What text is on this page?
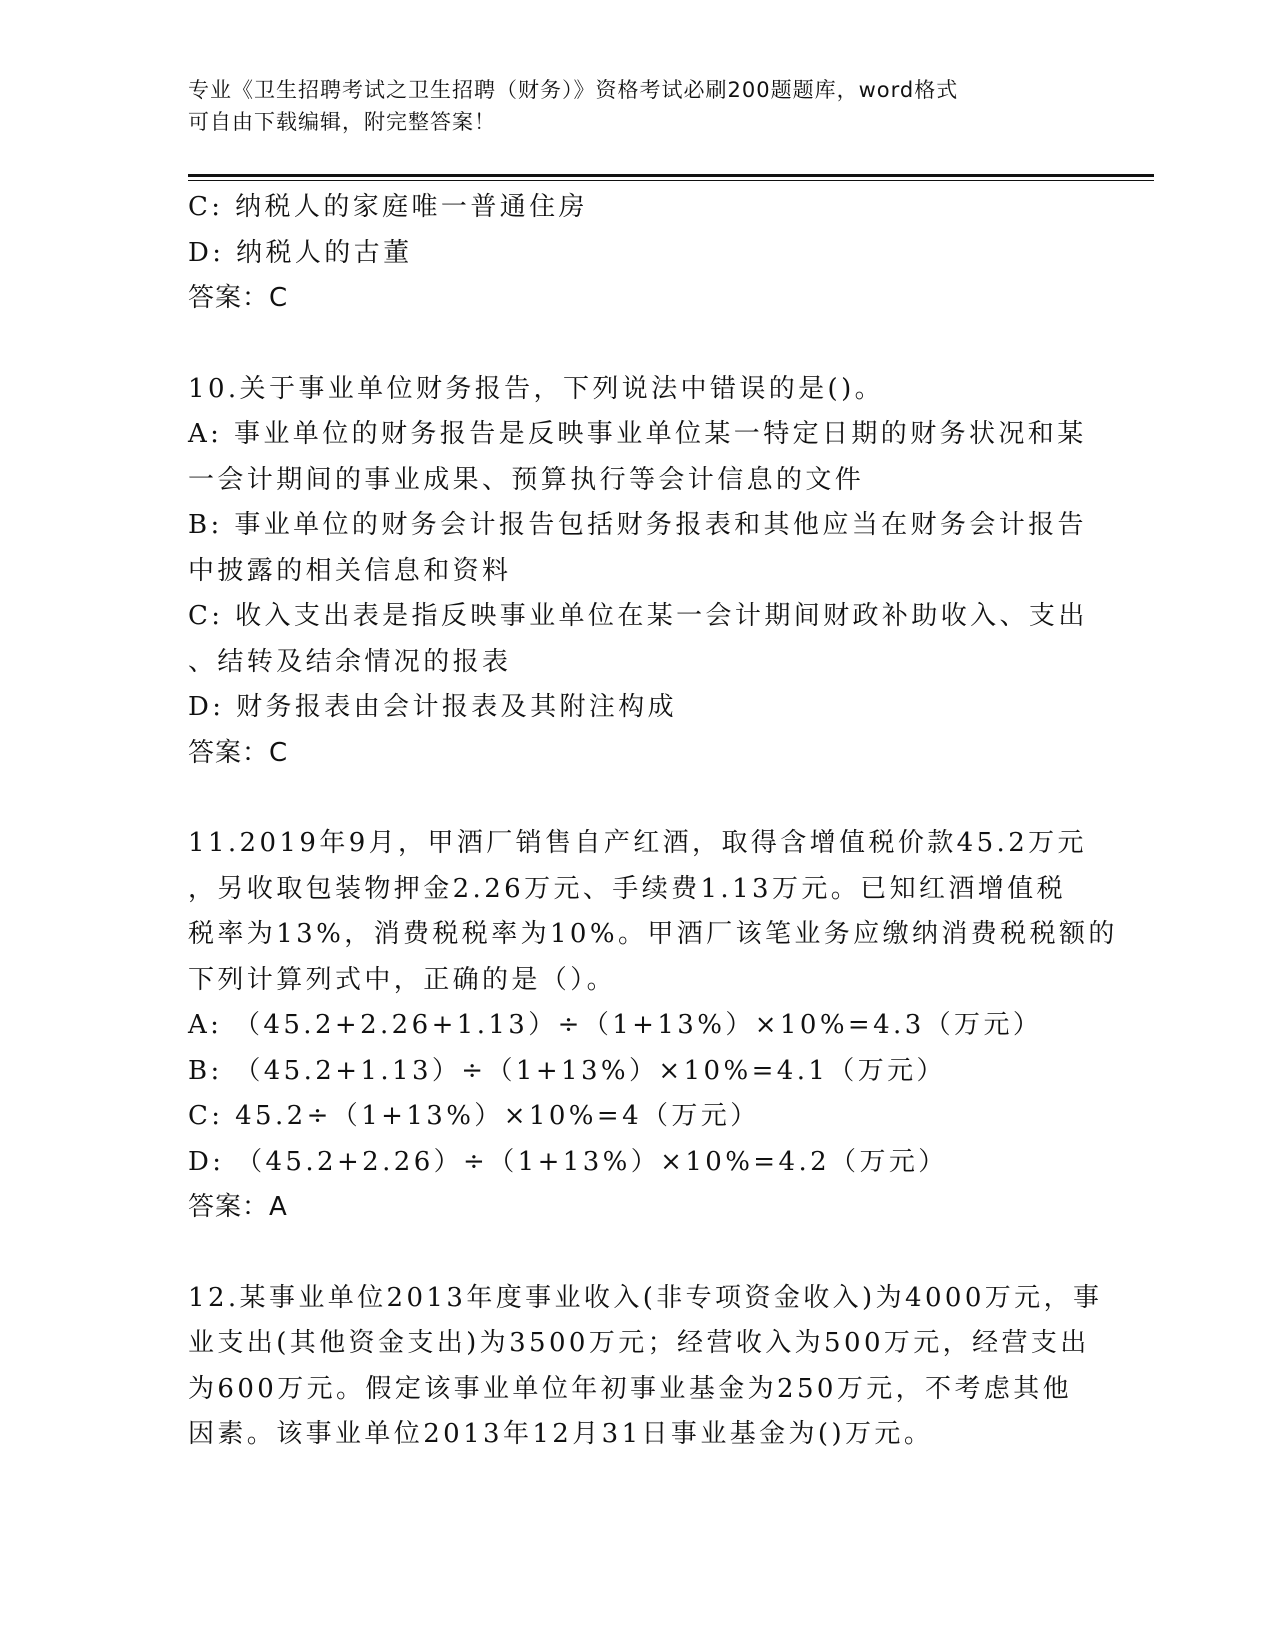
专业《卫生招聘考试之卫生招聘（财务）》资格考试必刷200题题库，word格式
可自由下载编辑，附完整答案！
C: 纳税人的家庭唯一普通住房
D: 纳税人的古董
答案：C
10.关于事业单位财务报告，下列说法中错误的是()。
A: 事业单位的财务报告是反映事业单位某一特定日期的财务状况和某
一会计期间的事业成果、预算执行等会计信息的文件
B: 事业单位的财务会计报告包括财务报表和其他应当在财务会计报告
中披露的相关信息和资料
C: 收入支出表是指反映事业单位在某一会计期间财政补助收入、支出
、结转及结余情况的报表
D: 财务报表由会计报表及其附注构成
答案：C
11.2019年9月，甲酒厂销售自产红酒，取得含增值税价款45.2万元
，另收取包装物押金2.26万元、手续费1.13万元。已知红酒增值税
税率为13%，消费税税率为10%。甲酒厂该笔业务应缴纳消费税税额的
下列计算列式中，正确的是（）。
A: （45.2+2.26+1.13）÷（1+13%）×10%=4.3（万元）
B: （45.2+1.13）÷（1+13%）×10%=4.1（万元）
C: 45.2÷（1+13%）×10%=4（万元）
D: （45.2+2.26）÷（1+13%）×10%=4.2（万元）
答案：A
12.某事业单位2013年度事业收入(非专项资金收入)为4000万元，事
业支出(其他资金支出)为3500万元；经营收入为500万元，经营支出
为600万元。假定该事业单位年初事业基金为250万元，不考虑其他
因素。该事业单位2013年12月31日事业基金为()万元。
